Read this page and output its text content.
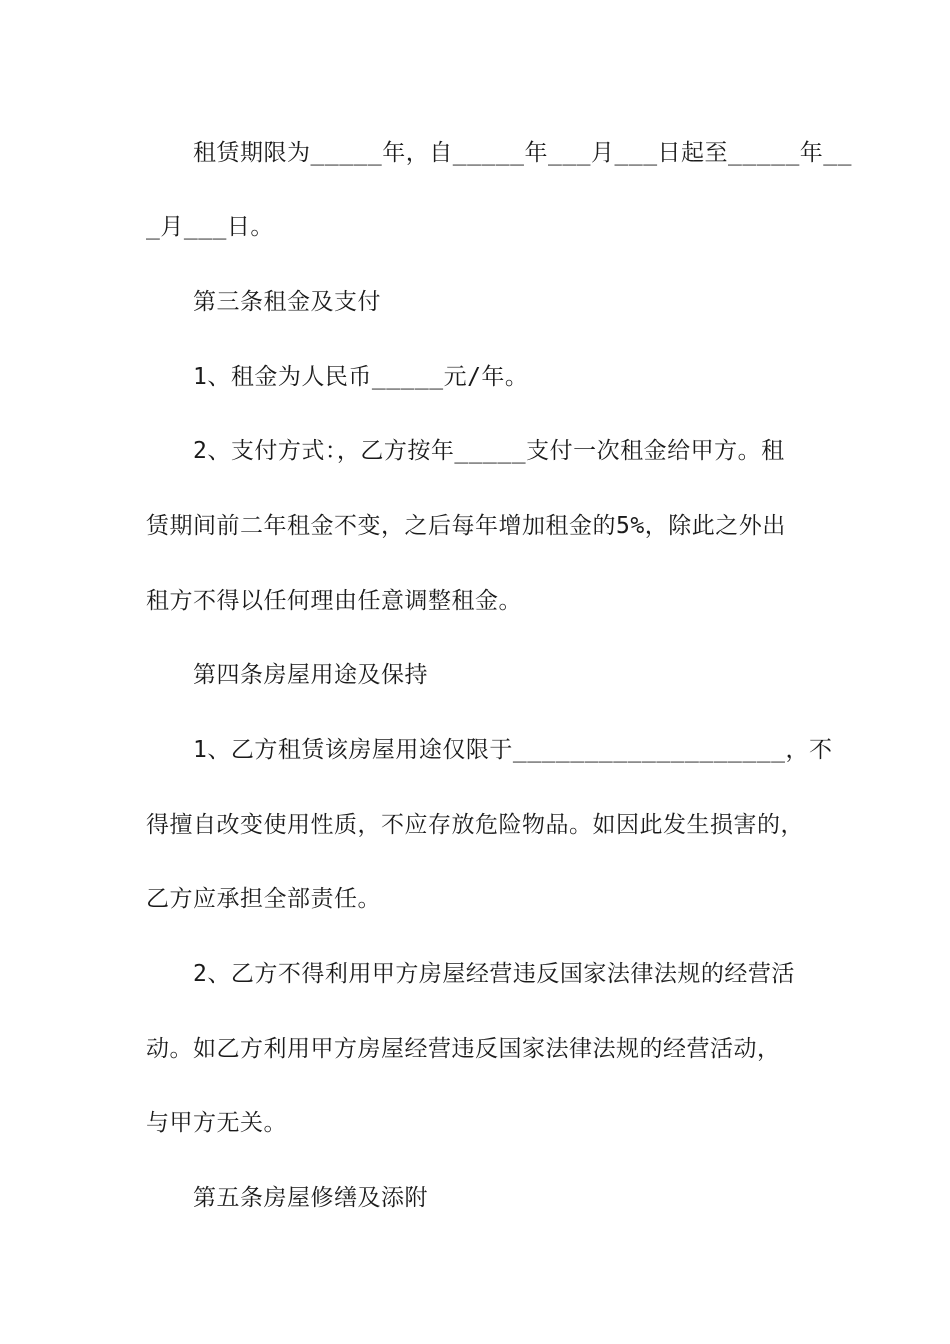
租赁期限为_____年，自_____年___月___日起至_____年__
_月___日。
第三条租金及支付
1、租金为人民币_____元/年。
2、支付方式：，乙方按年_____支付一次租金给甲方。租
赁期间前二年租金不变，之后每年增加租金的5%，除此之外出
租方不得以任何理由任意调整租金。
第四条房屋用途及保持
1、乙方租赁该房屋用途仅限于___________________，不
得擅自改变使用性质，不应存放危险物品。如因此发生损害的，
乙方应承担全部责任。
2、乙方不得利用甲方房屋经营违反国家法律法规的经营活
动。如乙方利用甲方房屋经营违反国家法律法规的经营活动，
与甲方无关。
第五条房屋修缮及添附
